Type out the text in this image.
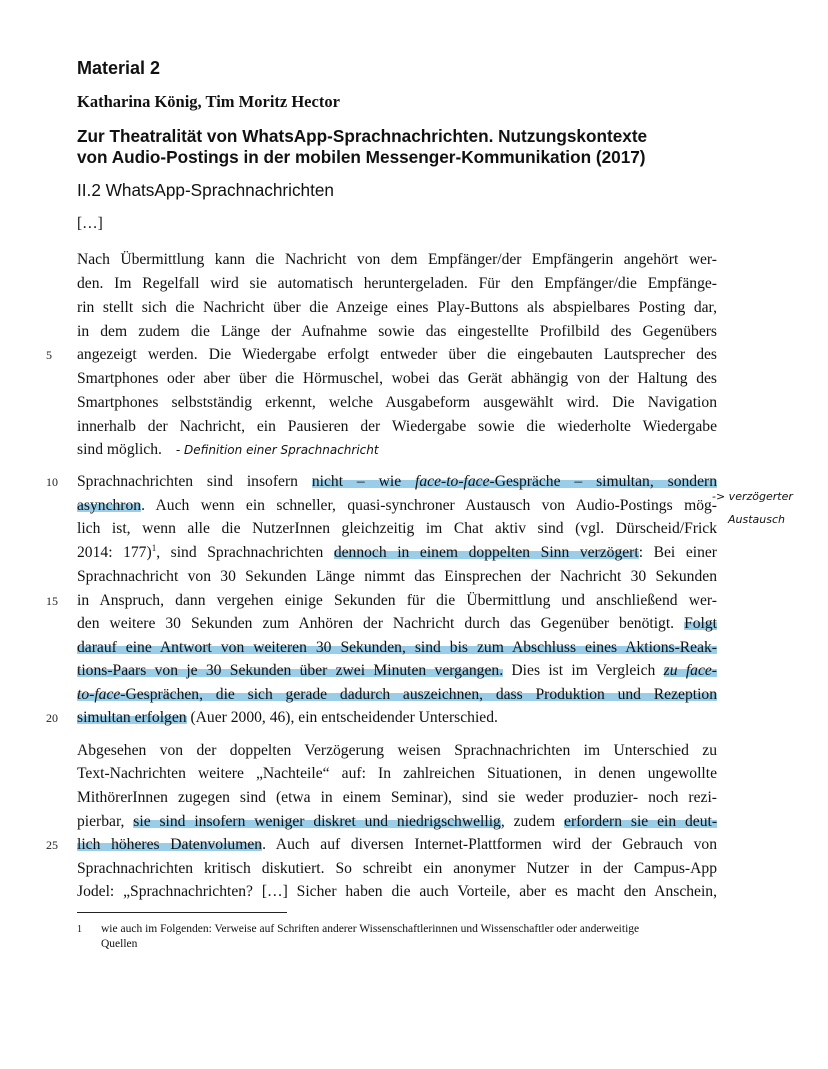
Material 2
Katharina König, Tim Moritz Hector
Zur Theatralität von WhatsApp-Sprachnachrichten. Nutzungskontexte
von Audio-Postings in der mobilen Messenger-Kommunikation (2017)
II.2 WhatsApp-Sprachnachrichten
[…]
Nach Übermittlung kann die Nachricht von dem Empfänger/der Empfängerin angehört wer-
den. Im Regelfall wird sie automatisch heruntergeladen. Für den Empfänger/die Empfänge-
rin stellt sich die Nachricht über die Anzeige eines Play-Buttons als abspielbares Posting dar,
in dem zudem die Länge der Aufnahme sowie das eingestellte Profilbild des Gegenübers
5	angezeigt werden. Die Wiedergabe erfolgt entweder über die eingebauten Lautsprecher des
Smartphones oder aber über die Hörmuschel, wobei das Gerät abhängig von der Haltung des
Smartphones selbstständig erkennt, welche Ausgabeform ausgewählt wird. Die Navigation
innerhalb der Nachricht, ein Pausieren der Wiedergabe sowie die wiederholte Wiedergabe
sind möglich. - Definition einer Sprachnachricht
10	Sprachnachrichten sind insofern nicht – wie face-to-face-Gespräche – simultan, sondern
asynchron. Auch wenn ein schneller, quasi-synchroner Austausch von Audio-Postings mög-
lich ist, wenn alle die NutzerInnen gleichzeitig im Chat aktiv sind (vgl. Dürscheid/Frick
2014: 177)$^1$, sind Sprachnachrichten dennoch in einem doppelten Sinn verzögert: Bei einer
Sprachnachricht von 30 Sekunden Länge nimmt das Einsprechen der Nachricht 30 Sekunden
15	in Anspruch, dann vergehen einige Sekunden für die Übermittlung und anschließend wer-
den weitere 30 Sekunden zum Anhören der Nachricht durch das Gegenüber benötigt. Folgt
darauf eine Antwort von weiteren 30 Sekunden, sind bis zum Abschluss eines Aktions-Reak-
tions-Paars von je 30 Sekunden über zwei Minuten vergangen. Dies ist im Vergleich zu face-
to-face-Gesprächen, die sich gerade dadurch auszeichnen, dass Produktion und Rezeption
20	simultan erfolgen (Auer 2000, 46), ein entscheidender Unterschied.
-> verzögerter
Austausch
Abgesehen von der doppelten Verzögerung weisen Sprachnachrichten im Unterschied zu
Text-Nachrichten weitere „Nachteile“ auf: In zahlreichen Situationen, in denen ungewollte
MithörerInnen zugegen sind (etwa in einem Seminar), sind sie weder produzier- noch rezi-
pierbar, sie sind insofern weniger diskret und niedrigschwellig, zudem erfordern sie ein deut-
25	lich höheres Datenvolumen. Auch auf diversen Internet-Plattformen wird der Gebrauch von
Sprachnachrichten kritisch diskutiert. So schreibt ein anonymer Nutzer in der Campus-App
Jodel: „Sprachnachrichten? […] Sicher haben die auch Vorteile, aber es macht den Anschein,
1 wie auch im Folgenden: Verweise auf Schriften anderer Wissenschaftlerinnen und Wissenschaftler oder anderweitige
Quellen
